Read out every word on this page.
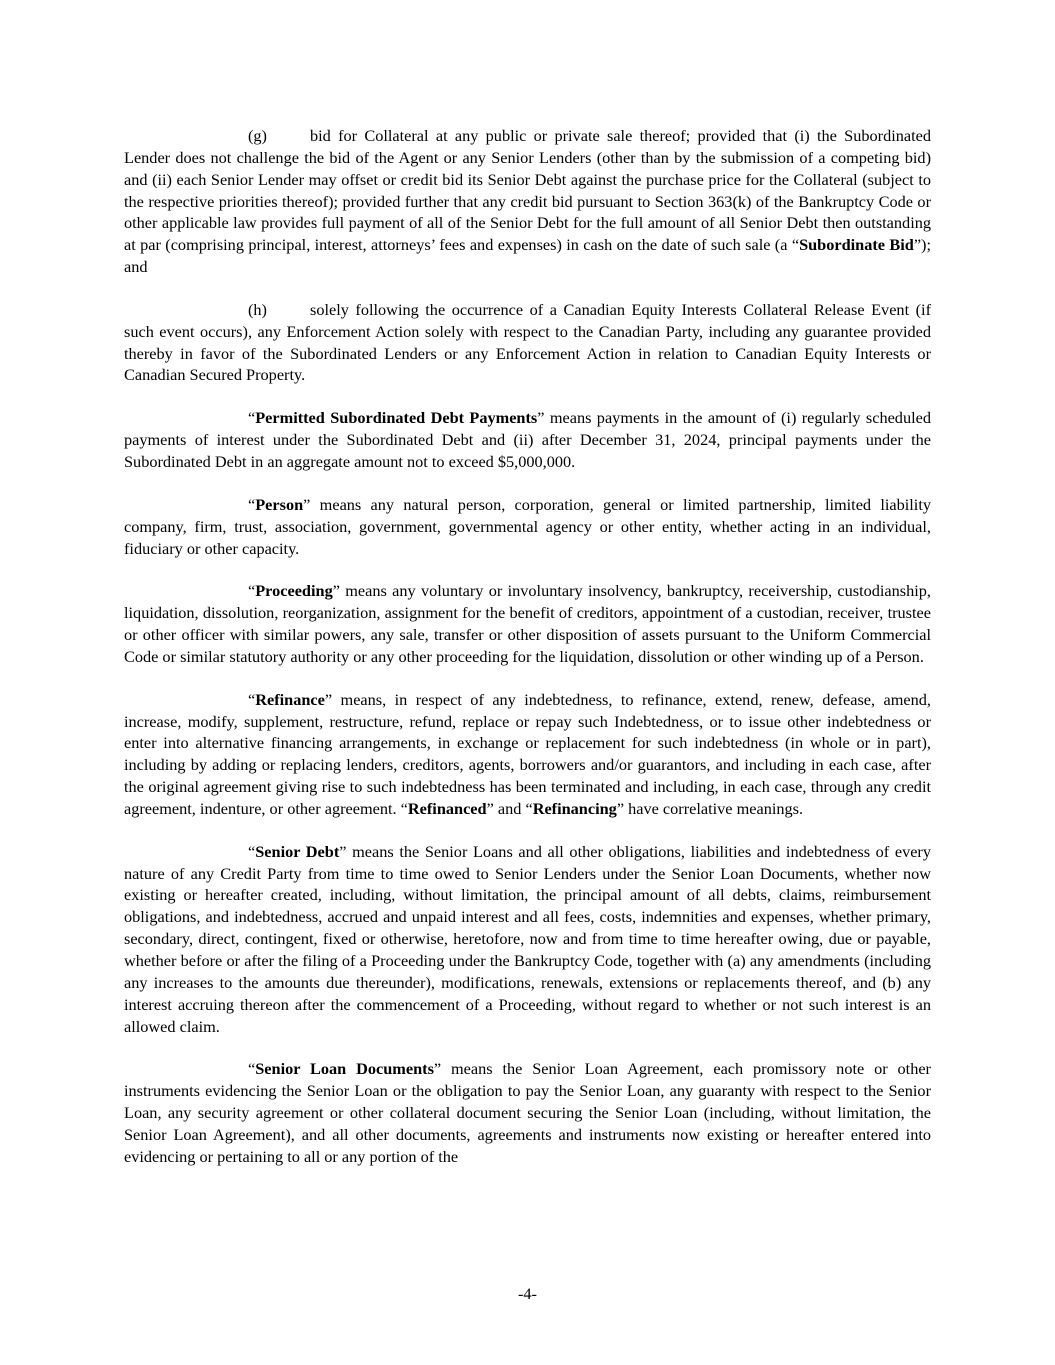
(g)	bid for Collateral at any public or private sale thereof; provided that (i) the Subordinated Lender does not challenge the bid of the Agent or any Senior Lenders (other than by the submission of a competing bid) and (ii) each Senior Lender may offset or credit bid its Senior Debt against the purchase price for the Collateral (subject to the respective priorities thereof); provided further that any credit bid pursuant to Section 363(k) of the Bankruptcy Code or other applicable law provides full payment of all of the Senior Debt for the full amount of all Senior Debt then outstanding at par (comprising principal, interest, attorneys’ fees and expenses) in cash on the date of such sale (a “Subordinate Bid”); and

(h)	solely following the occurrence of a Canadian Equity Interests Collateral Release Event (if such event occurs), any Enforcement Action solely with respect to the Canadian Party, including any guarantee provided thereby in favor of the Subordinated Lenders or any Enforcement Action in relation to Canadian Equity Interests or Canadian Secured Property.

“Permitted Subordinated Debt Payments” means payments in the amount of (i) regularly scheduled payments of interest under the Subordinated Debt and (ii) after December 31, 2024, principal payments under the Subordinated Debt in an aggregate amount not to exceed $5,000,000.

“Person” means any natural person, corporation, general or limited partnership, limited liability company, firm, trust, association, government, governmental agency or other entity, whether acting in an individual, fiduciary or other capacity.

“Proceeding” means any voluntary or involuntary insolvency, bankruptcy, receivership, custodianship, liquidation, dissolution, reorganization, assignment for the benefit of creditors, appointment of a custodian, receiver, trustee or other officer with similar powers, any sale, transfer or other disposition of assets pursuant to the Uniform Commercial Code or similar statutory authority or any other proceeding for the liquidation, dissolution or other winding up of a Person.

“Refinance” means, in respect of any indebtedness, to refinance, extend, renew, defease, amend, increase, modify, supplement, restructure, refund, replace or repay such Indebtedness, or to issue other indebtedness or enter into alternative financing arrangements, in exchange or replacement for such indebtedness (in whole or in part), including by adding or replacing lenders, creditors, agents, borrowers and/or guarantors, and including in each case, after the original agreement giving rise to such indebtedness has been terminated and including, in each case, through any credit agreement, indenture, or other agreement. “Refinanced” and “Refinancing” have correlative meanings.

“Senior Debt” means the Senior Loans and all other obligations, liabilities and indebtedness of every nature of any Credit Party from time to time owed to Senior Lenders under the Senior Loan Documents, whether now existing or hereafter created, including, without limitation, the principal amount of all debts, claims, reimbursement obligations, and indebtedness, accrued and unpaid interest and all fees, costs, indemnities and expenses, whether primary, secondary, direct, contingent, fixed or otherwise, heretofore, now and from time to time hereafter owing, due or payable, whether before or after the filing of a Proceeding under the Bankruptcy Code, together with (a) any amendments (including any increases to the amounts due thereunder), modifications, renewals, extensions or replacements thereof, and (b) any interest accruing thereon after the commencement of a Proceeding, without regard to whether or not such interest is an allowed claim.

“Senior Loan Documents” means the Senior Loan Agreement, each promissory note or other instruments evidencing the Senior Loan or the obligation to pay the Senior Loan, any guaranty with respect to the Senior Loan, any security agreement or other collateral document securing the Senior Loan (including, without limitation, the Senior Loan Agreement), and all other documents, agreements and instruments now existing or hereafter entered into evidencing or pertaining to all or any portion of the

-4-
